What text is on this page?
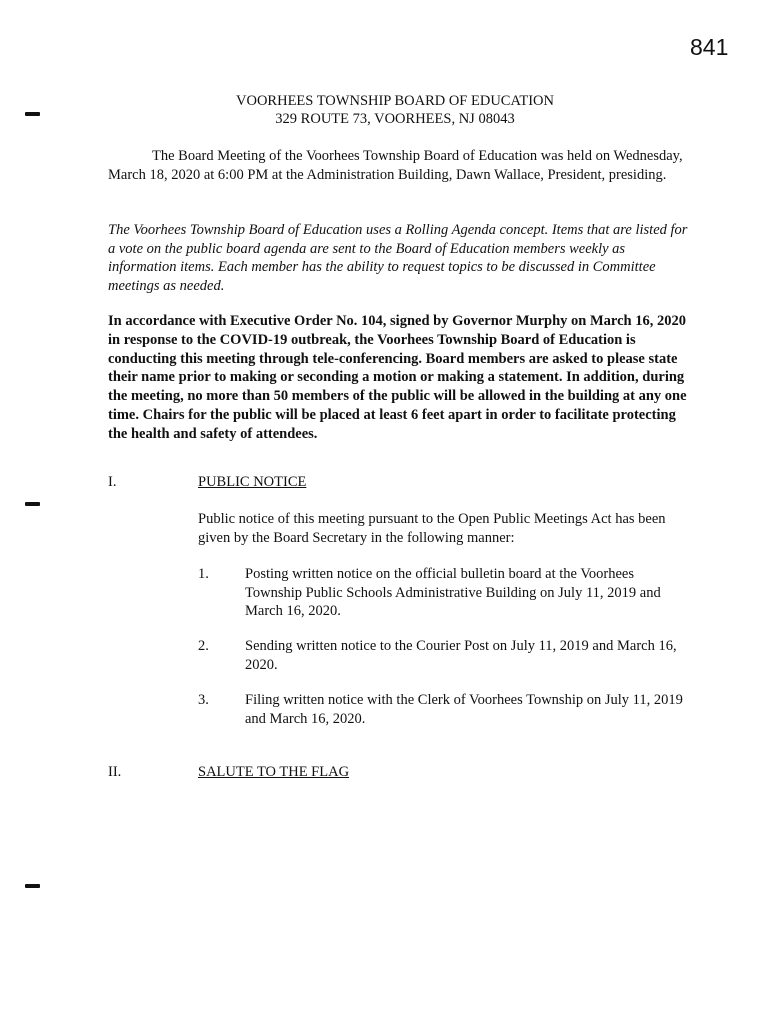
841
VOORHEES TOWNSHIP BOARD OF EDUCATION
329 ROUTE 73, VOORHEES, NJ 08043
The Board Meeting of the Voorhees Township Board of Education was held on Wednesday, March 18, 2020 at 6:00 PM at the Administration Building, Dawn Wallace, President, presiding.
The Voorhees Township Board of Education uses a Rolling Agenda concept. Items that are listed for a vote on the public board agenda are sent to the Board of Education members weekly as information items. Each member has the ability to request topics to be discussed in Committee meetings as needed.
In accordance with Executive Order No. 104, signed by Governor Murphy on March 16, 2020 in response to the COVID-19 outbreak, the Voorhees Township Board of Education is conducting this meeting through tele-conferencing. Board members are asked to please state their name prior to making or seconding a motion or making a statement. In addition, during the meeting, no more than 50 members of the public will be allowed in the building at any one time. Chairs for the public will be placed at least 6 feet apart in order to facilitate protecting the health and safety of attendees.
I.	PUBLIC NOTICE
Public notice of this meeting pursuant to the Open Public Meetings Act has been given by the Board Secretary in the following manner:
1. Posting written notice on the official bulletin board at the Voorhees Township Public Schools Administrative Building on July 11, 2019 and March 16, 2020.
2. Sending written notice to the Courier Post on July 11, 2019 and March 16, 2020.
3. Filing written notice with the Clerk of Voorhees Township on July 11, 2019 and March 16, 2020.
II.	SALUTE TO THE FLAG
